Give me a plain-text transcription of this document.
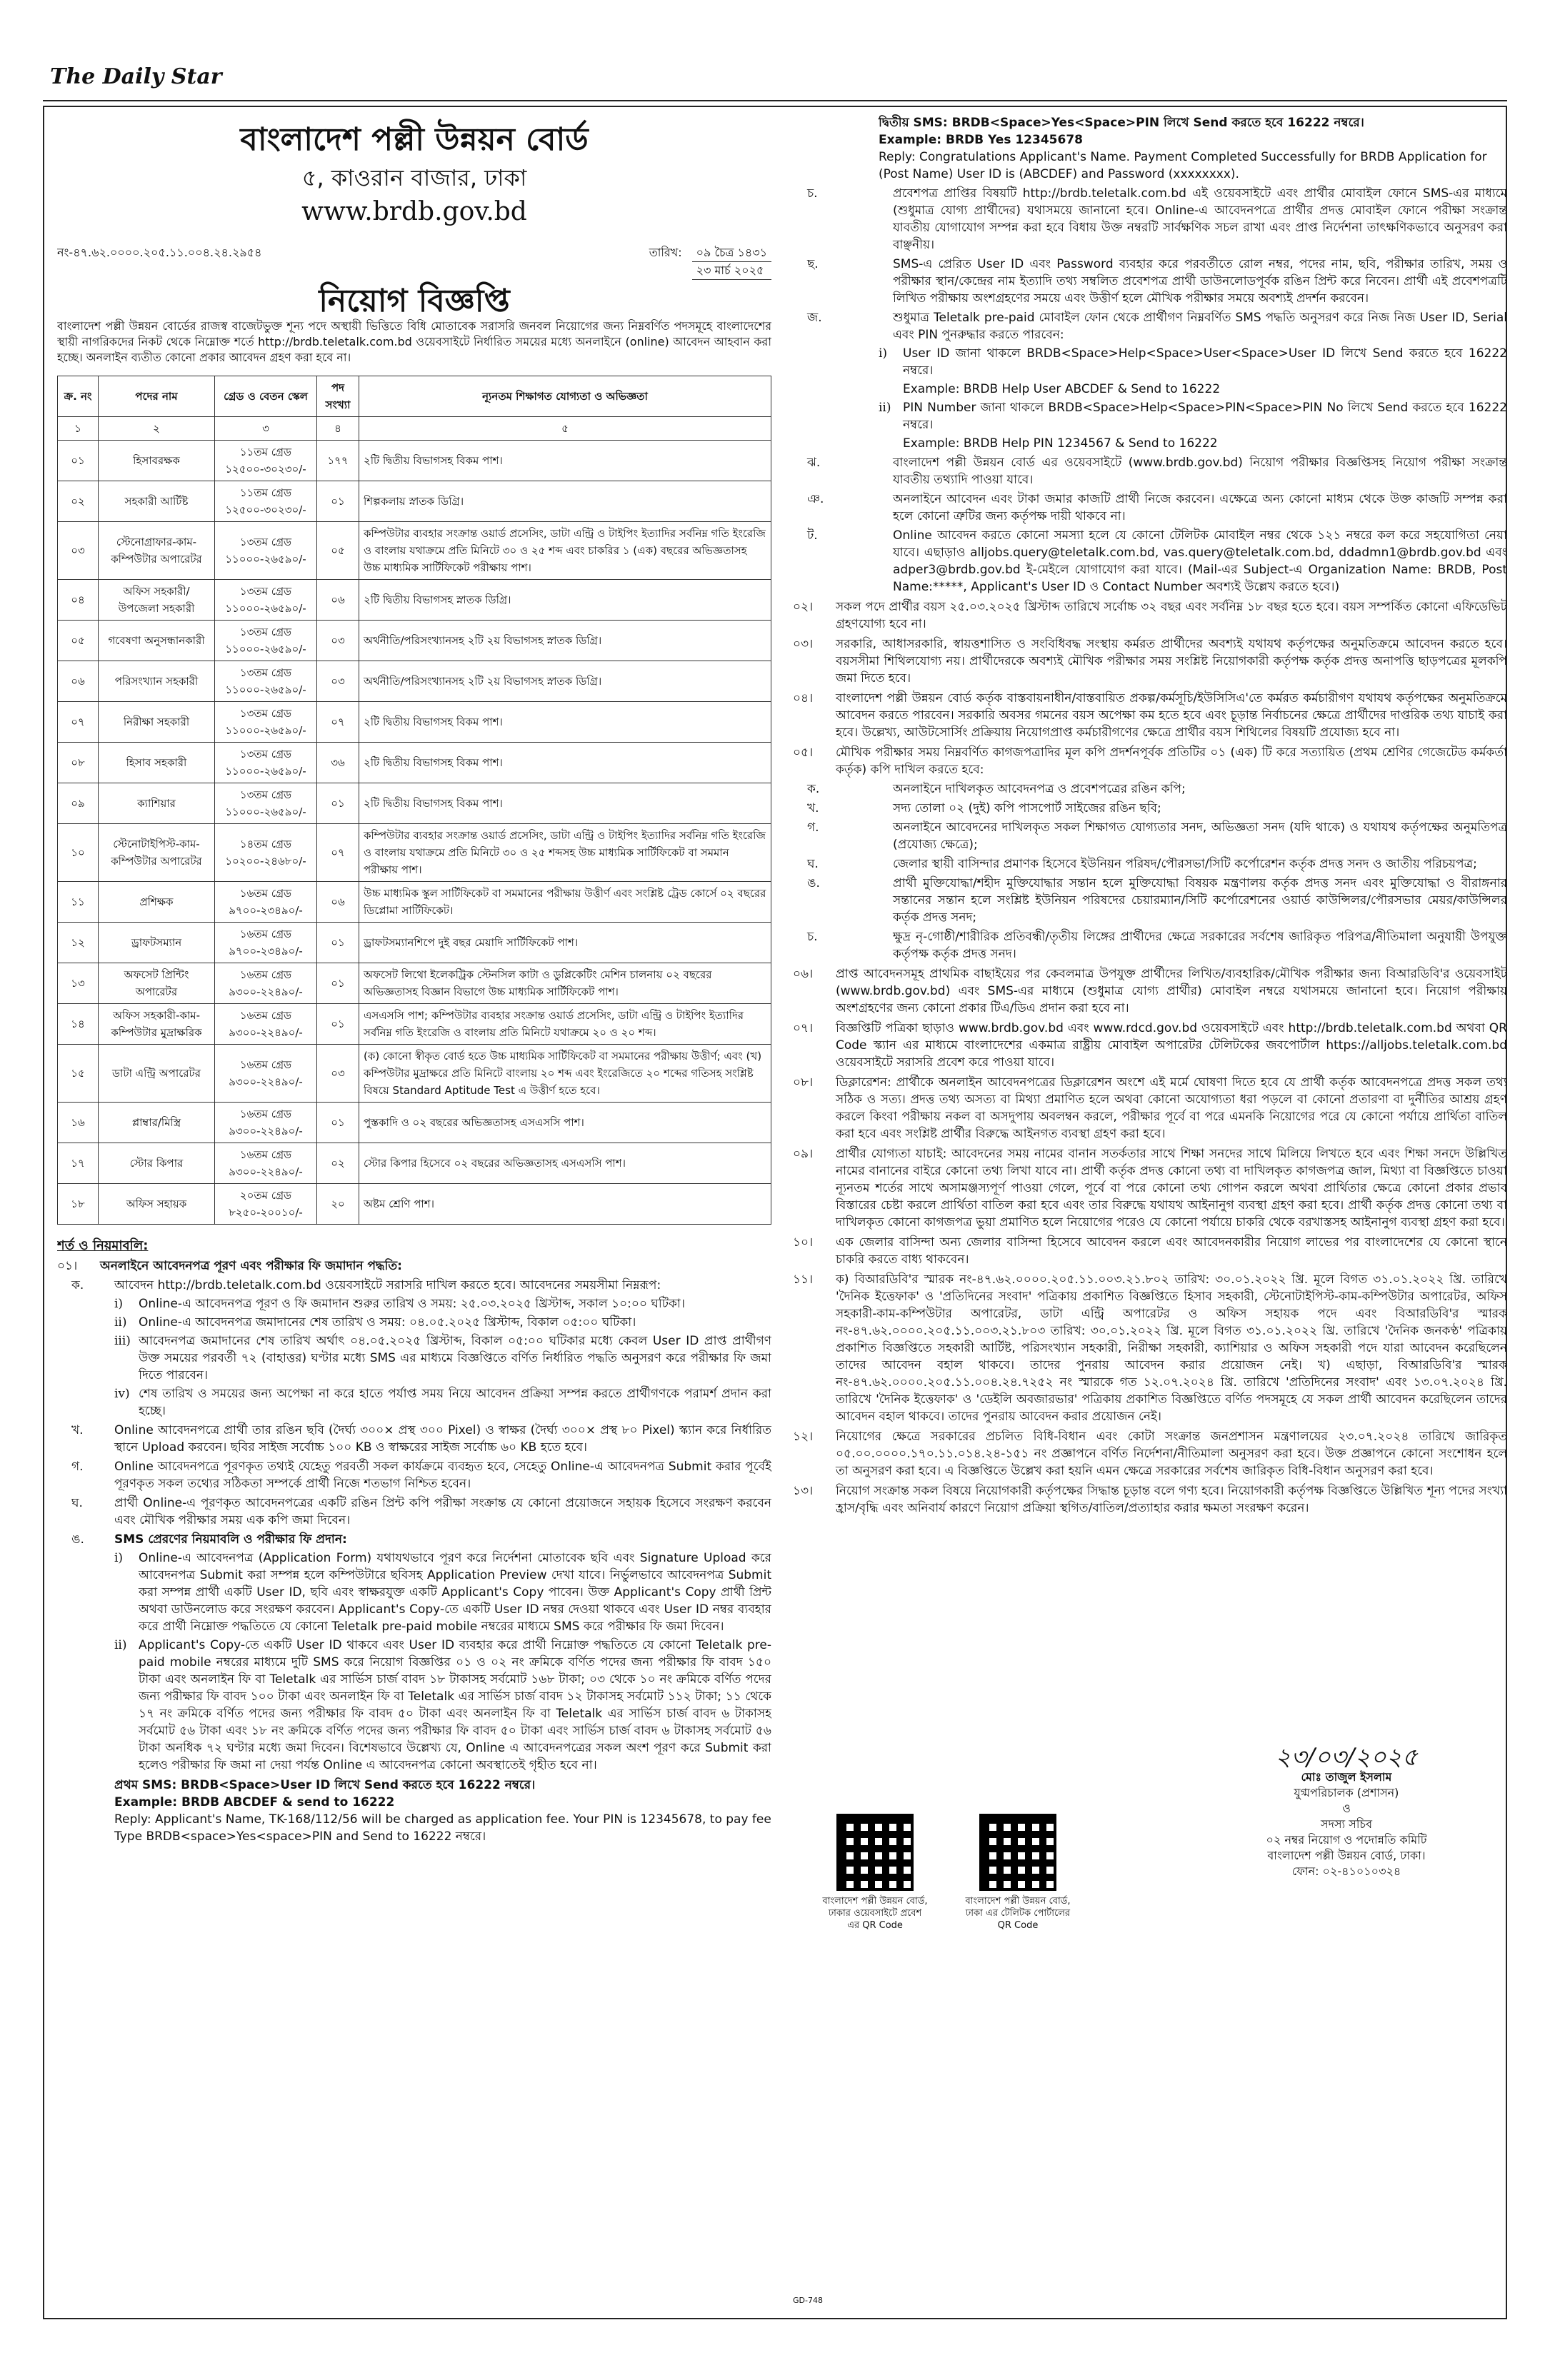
The Daily Star
বাংলাদেশ পল্লী উন্নয়ন বোর্ড
৫, কাওরান বাজার, ঢাকা
www.brdb.gov.bd
নং-৪৭.৬২.০০০০.২০৫.১১.০০৪.২৪.২৯৫৪	তারিখ:	০৯ চৈত্র ১৪৩১
২৩ মার্চ ২০২৫
নিয়োগ বিজ্ঞপ্তি
বাংলাদেশ পল্লী উন্নয়ন বোর্ডের রাজস্ব বাজেটভুক্ত শূন্য পদে অস্থায়ী ভিত্তিতে বিধি মোতাবেক সরাসরি জনবল নিয়োগের জন্য নিম্নবর্ণিত পদসমূহে বাংলাদেশের স্থায়ী নাগরিকদের নিকট থেকে নিম্নোক্ত শর্তে http://brdb.teletalk.com.bd ওয়েবসাইটে নির্ধারিত সময়ের মধ্যে অনলাইনে (online) আবেদন আহবান করা হচ্ছে। অনলাইন ব্যতীত কোনো প্রকার আবেদন গ্রহণ করা হবে না।
ক্র. নং	পদের নাম	গ্রেড ও বেতন স্কেল	পদ সংখ্যা	ন্যূনতম শিক্ষাগত যোগ্যতা ও অভিজ্ঞতা
১	২	৩	৪	৫
০১	হিসাবরক্ষক	১১তম গ্রেড ১২৫০০-৩০২৩০/-	১৭৭	২টি দ্বিতীয় বিভাগসহ বিকম পাশ।
০২	সহকারী আর্টিষ্ট	১১তম গ্রেড ১২৫০০-৩০২৩০/-	০১	শিল্পকলায় স্নাতক ডিগ্রি।
০৩	স্টেনোগ্রাফার-কাম-কম্পিউটার অপারেটর	১৩তম গ্রেড ১১০০০-২৬৫৯০/-	০৫	কম্পিউটার ব্যবহার সংক্রান্ত ওয়ার্ড প্রসেসিং, ডাটা এন্ট্রি ও টাইপিং ইত্যাদির সর্বনিম্ন গতি ইংরেজি ও বাংলায় যথাক্রমে প্রতি মিনিটে ৩০ ও ২৫ শব্দ এবং চাকরির ১ (এক) বছরের অভিজ্ঞতাসহ উচ্চ মাধ্যমিক সার্টিফিকেট পরীক্ষায় পাশ।
০৪	অফিস সহকারী/ উপজেলা সহকারী	১৩তম গ্রেড ১১০০০-২৬৫৯০/-	০৬	২টি দ্বিতীয় বিভাগসহ স্নাতক ডিগ্রি।
০৫	গবেষণা অনুসন্ধানকারী	১৩তম গ্রেড ১১০০০-২৬৫৯০/-	০৩	অর্থনীতি/পরিসংখ্যানসহ ২টি ২য় বিভাগসহ স্নাতক ডিগ্রি।
০৬	পরিসংখ্যান সহকারী	১৩তম গ্রেড ১১০০০-২৬৫৯০/-	০৩	অর্থনীতি/পরিসংখ্যানসহ ২টি ২য় বিভাগসহ স্নাতক ডিগ্রি।
০৭	নিরীক্ষা সহকারী	১৩তম গ্রেড ১১০০০-২৬৫৯০/-	০৭	২টি দ্বিতীয় বিভাগসহ বিকম পাশ।
০৮	হিসাব সহকারী	১৩তম গ্রেড ১১০০০-২৬৫৯০/-	৩৬	২টি দ্বিতীয় বিভাগসহ বিকম পাশ।
০৯	ক্যাশিয়ার	১৩তম গ্রেড ১১০০০-২৬৫৯০/-	০১	২টি দ্বিতীয় বিভাগসহ বিকম পাশ।
১০	স্টেনোটাইপিস্ট-কাম-কম্পিউটার অপারেটর	১৪তম গ্রেড ১০২০০-২৪৬৮০/-	০৭	কম্পিউটার ব্যবহার সংক্রান্ত ওয়ার্ড প্রসেসিং, ডাটা এন্ট্রি ও টাইপিং ইত্যাদির সর্বনিম্ন গতি ইংরেজি ও বাংলায় যথাক্রমে প্রতি মিনিটে ৩০ ও ২৫ শব্দসহ উচ্চ মাধ্যমিক সার্টিফিকেট বা সমমান পরীক্ষায় পাশ।
১১	প্রশিক্ষক	১৬তম গ্রেড ৯৭০০-২৩৪৯০/-	০৬	উচ্চ মাধ্যমিক স্কুল সার্টিফিকেট বা সমমানের পরীক্ষায় উত্তীর্ণ এবং সংশ্লিষ্ট ট্রেড কোর্সে ০২ বছরের ডিপ্লোমা সার্টিফিকেট।
১২	ড্রাফটসম্যান	১৬তম গ্রেড ৯৭০০-২৩৪৯০/-	০১	ড্রাফটসম্যানশিপে দুই বছর মেয়াদি সার্টিফিকেট পাশ।
১৩	অফসেট প্রিন্টিং অপারেটর	১৬তম গ্রেড ৯৩০০-২২৪৯০/-	০১	অফসেট লিথো ইলেকট্রিক স্টেনসিল কাটা ও ডুপ্লিকেটিং মেশিন চালনায় ০২ বছরের অভিজ্ঞতাসহ বিজ্ঞান বিভাগে উচ্চ মাধ্যমিক সার্টিফিকেট পাশ।
১৪	অফিস সহকারী-কাম-কম্পিউটার মুদ্রাক্ষরিক	১৬তম গ্রেড ৯৩০০-২২৪৯০/-	০১	এসএসসি পাশ; কম্পিউটার ব্যবহার সংক্রান্ত ওয়ার্ড প্রসেসিং, ডাটা এন্ট্রি ও টাইপিং ইত্যাদির সর্বনিম্ন গতি ইংরেজি ও বাংলায় প্রতি মিনিটে যথাক্রমে ২০ ও ২০ শব্দ।
১৫	ডাটা এন্ট্রি অপারেটর	১৬তম গ্রেড ৯৩০০-২২৪৯০/-	০৩	(ক) কোনো স্বীকৃত বোর্ড হতে উচ্চ মাধ্যমিক সার্টিফিকেট বা সমমানের পরীক্ষায় উত্তীর্ণ; এবং (খ) কম্পিউটার মুদ্রাক্ষরে প্রতি মিনিটে বাংলায় ২০ শব্দ এবং ইংরেজিতে ২০ শব্দের গতিসহ সংশ্লিষ্ট বিষয়ে Standard Aptitude Test এ উত্তীর্ণ হতে হবে।
১৬	প্লাম্বার/মিস্ত্রি	১৬তম গ্রেড ৯৩০০-২২৪৯০/-	০১	পুস্তকাদি ও ০২ বছরের অভিজ্ঞতাসহ এসএসসি পাশ।
১৭	স্টোর কিপার	১৬তম গ্রেড ৯৩০০-২২৪৯০/-	০২	স্টোর কিপার হিসেবে ০২ বছরের অভিজ্ঞতাসহ এসএসসি পাশ।
১৮	অফিস সহায়ক	২০তম গ্রেড ৮২৫০-২০০১০/-	২০	অষ্টম শ্রেণি পাশ।
শর্ত ও নিয়মাবলি:
০১।	অনলাইনে আবেদনপত্র পূরণ এবং পরীক্ষার ফি জমাদান পদ্ধতি:
ক.	আবেদন http://brdb.teletalk.com.bd ওয়েবসাইটে সরাসরি দাখিল করতে হবে। আবেদনের সময়সীমা নিম্নরূপ:
i)	Online-এ আবেদনপত্র পূরণ ও ফি জমাদান শুরুর তারিখ ও সময়: ২৫.০৩.২০২৫ খ্রিস্টাব্দ, সকাল ১০:০০ ঘটিকা।
ii) Online-এ আবেদনপত্র জমাদানের শেষ তারিখ ও সময়: ০৪.০৫.২০২৫ খ্রিস্টাব্দ, বিকাল ০৫:০০ ঘটিকা।
iii) আবেদনপত্র জমাদানের শেষ তারিখ অর্থাৎ ০৪.০৫.২০২৫ খ্রিস্টাব্দ, বিকাল ০৫:০০ ঘটিকার মধ্যে কেবল User ID প্রাপ্ত প্রার্থীগণ উক্ত সময়ের পরবর্তী ৭২ (বাহাত্তর) ঘণ্টার মধ্যে SMS এর মাধ্যমে বিজ্ঞপ্তিতে বর্ণিত নির্ধারিত পদ্ধতি অনুসরণ করে পরীক্ষার ফি জমা দিতে পারবেন।
iv) শেষ তারিখ ও সময়ের জন্য অপেক্ষা না করে হাতে পর্যাপ্ত সময় নিয়ে আবেদন প্রক্রিয়া সম্পন্ন করতে প্রার্থীগণকে পরামর্শ প্রদান করা হচ্ছে।
খ.	Online আবেদনপত্রে প্রার্থী তার রঙিন ছবি (দৈর্ঘ্য ৩০০× প্রস্থ ৩০০ Pixel) ও স্বাক্ষর (দৈর্ঘ্য ৩০০× প্রস্থ ৮০ Pixel) স্ক্যান করে নির্ধারিত স্থানে Upload করবেন। ছবির সাইজ সর্বোচ্চ ১০০ KB ও স্বাক্ষরের সাইজ সর্বোচ্চ ৬০ KB হতে হবে।
গ.	Online আবেদনপত্রে পূরণকৃত তথ্যই যেহেতু পরবর্তী সকল কার্যক্রমে ব্যবহৃত হবে, সেহেতু Online-এ আবেদনপত্র Submit করার পূর্বেই পূরণকৃত সকল তথ্যের সঠিকতা সম্পর্কে প্রার্থী নিজে শতভাগ নিশ্চিত হবেন।
ঘ.	প্রার্থী Online-এ পূরণকৃত আবেদনপত্রের একটি রঙিন প্রিন্ট কপি পরীক্ষা সংক্রান্ত যে কোনো প্রয়োজনে সহায়ক হিসেবে সংরক্ষণ করবেন এবং মৌখিক পরীক্ষার সময় এক কপি জমা দিবেন।
ঙ.	SMS প্রেরণের নিয়মাবলি ও পরীক্ষার ফি প্রদান:
i)	Online-এ আবেদনপত্র (Application Form) যথাযথভাবে পূরণ করে নির্দেশনা মোতাবেক ছবি এবং Signature Upload করে আবেদনপত্র Submit করা সম্পন্ন হলে কম্পিউটারে ছবিসহ Application Preview দেখা যাবে। নির্ভুলভাবে আবেদনপত্র Submit করা সম্পন্ন প্রার্থী একটি User ID, ছবি এবং স্বাক্ষরযুক্ত একটি Applicant's Copy পাবেন। উক্ত Applicant's Copy প্রার্থী প্রিন্ট অথবা ডাউনলোড করে সংরক্ষণ করবেন। Applicant's Copy-তে একটি User ID নম্বর দেওয়া থাকবে এবং User ID নম্বর ব্যবহার করে প্রার্থী নিম্নোক্ত পদ্ধতিতে যে কোনো Teletalk pre-paid mobile নম্বরের মাধ্যমে SMS করে পরীক্ষার ফি জমা দিবেন।
ii) Applicant's Copy-তে একটি User ID থাকবে এবং User ID ব্যবহার করে প্রার্থী নিম্নোক্ত পদ্ধতিতে যে কোনো Teletalk pre-paid mobile নম্বরের মাধ্যমে দুটি SMS করে নিয়োগ বিজ্ঞপ্তির ০১ ও ০২ নং ক্রমিকে বর্ণিত পদের জন্য পরীক্ষার ফি বাবদ ১৫০ টাকা এবং অনলাইন ফি বা Teletalk এর সার্ভিস চার্জ বাবদ ১৮ টাকাসহ সর্বমোট ১৬৮ টাকা; ০৩ থেকে ১০ নং ক্রমিকে বর্ণিত পদের জন্য পরীক্ষার ফি বাবদ ১০০ টাকা এবং অনলাইন ফি বা Teletalk এর সার্ভিস চার্জ বাবদ ১২ টাকাসহ সর্বমোট ১১২ টাকা; ১১ থেকে ১৭ নং ক্রমিকে বর্ণিত পদের জন্য পরীক্ষার ফি বাবদ ৫০ টাকা এবং অনলাইন ফি বা Teletalk এর সার্ভিস চার্জ বাবদ ৬ টাকাসহ সর্বমোট ৫৬ টাকা এবং ১৮ নং ক্রমিকে বর্ণিত পদের জন্য পরীক্ষার ফি বাবদ ৫০ টাকা এবং সার্ভিস চার্জ বাবদ ৬ টাকাসহ সর্বমোট ৫৬ টাকা অনধিক ৭২ ঘণ্টার মধ্যে জমা দিবেন। বিশেষভাবে উল্লেখ্য যে, Online এ আবেদনপত্রের সকল অংশ পূরণ করে Submit করা হলেও পরীক্ষার ফি জমা না দেয়া পর্যন্ত Online এ আবেদনপত্র কোনো অবস্থাতেই গৃহীত হবে না।
প্রথম SMS: BRDB<Space>User ID লিখে Send করতে হবে 16222 নম্বরে।
Example: BRDB ABCDEF & send to 16222
Reply: Applicant's Name, TK-168/112/56 will be charged as application fee. Your PIN is 12345678, to pay fee Type BRDB<space>Yes<space>PIN and Send to 16222 নম্বরে।
দ্বিতীয় SMS: BRDB<Space>Yes<Space>PIN লিখে Send করতে হবে 16222 নম্বরে।
Example: BRDB Yes 12345678
Reply: Congratulations Applicant's Name. Payment Completed Successfully for BRDB Application for (Post Name) User ID is (ABCDEF) and Password (xxxxxxxx).
চ.	প্রবেশপত্র প্রাপ্তির বিষয়টি http://brdb.teletalk.com.bd এই ওয়েবসাইটে এবং প্রার্থীর মোবাইল ফোনে SMS-এর মাধ্যমে (শুধুমাত্র যোগ্য প্রার্থীদের) যথাসময়ে জানানো হবে। Online-এ আবেদনপত্রে প্রার্থীর প্রদত্ত মোবাইল ফোনে পরীক্ষা সংক্রান্ত যাবতীয় যোগাযোগ সম্পন্ন করা হবে বিধায় উক্ত নম্বরটি সার্বক্ষণিক সচল রাখা এবং প্রাপ্ত নির্দেশনা তাৎক্ষণিকভাবে অনুসরণ করা বাঞ্ছনীয়।
ছ.	SMS-এ প্রেরিত User ID এবং Password ব্যবহার করে পরবর্তীতে রোল নম্বর, পদের নাম, ছবি, পরীক্ষার তারিখ, সময় ও পরীক্ষার স্থান/কেন্দ্রের নাম ইত্যাদি তথ্য সম্বলিত প্রবেশপত্র প্রার্থী ডাউনলোডপূর্বক রঙিন প্রিন্ট করে নিবেন। প্রার্থী এই প্রবেশপত্রটি লিখিত পরীক্ষায় অংশগ্রহণের সময়ে এবং উত্তীর্ণ হলে মৌখিক পরীক্ষার সময়ে অবশ্যই প্রদর্শন করবেন।
জ.	শুধুমাত্র Teletalk pre-paid মোবাইল ফোন থেকে প্রার্থীগণ নিম্নবর্ণিত SMS পদ্ধতি অনুসরণ করে নিজ নিজ User ID, Serial এবং PIN পুনরুদ্ধার করতে পারবেন:
i)	User ID জানা থাকলে BRDB<Space>Help<Space>User<Space>User ID লিখে Send করতে হবে 16222 নম্বরে।
Example: BRDB Help User ABCDEF & Send to 16222
ii) PIN Number জানা থাকলে BRDB<Space>Help<Space>PIN<Space>PIN No লিখে Send করতে হবে 16222 নম্বরে।
Example: BRDB Help PIN 1234567 & Send to 16222
ঝ.	বাংলাদেশ পল্লী উন্নয়ন বোর্ড এর ওয়েবসাইটে (www.brdb.gov.bd) নিয়োগ পরীক্ষার বিজ্ঞপ্তিসহ নিয়োগ পরীক্ষা সংক্রান্ত যাবতীয় তথ্যাদি পাওয়া যাবে।
ঞ.	অনলাইনে আবেদন এবং টাকা জমার কাজটি প্রার্থী নিজে করবেন। এক্ষেত্রে অন্য কোনো মাধ্যম থেকে উক্ত কাজটি সম্পন্ন করা হলে কোনো ত্রুটির জন্য কর্তৃপক্ষ দায়ী থাকবে না।
ট.	Online আবেদন করতে কোনো সমস্যা হলে যে কোনো টেলিটক মোবাইল নম্বর থেকে ১২১ নম্বরে কল করে সহযোগিতা নেয়া যাবে। এছাড়াও alljobs.query@teletalk.com.bd, vas.query@teletalk.com.bd, ddadmn1@brdb.gov.bd এবং adper3@brdb.gov.bd ই-মেইলে যোগাযোগ করা যাবে। (Mail-এর Subject-এ Organization Name: BRDB, Post Name:*****, Applicant's User ID ও Contact Number অবশ্যই উল্লেখ করতে হবে।)
০২।	সকল পদে প্রার্থীর বয়স ২৫.০৩.২০২৫ খ্রিস্টাব্দ তারিখে সর্বোচ্চ ৩২ বছর এবং সর্বনিম্ন ১৮ বছর হতে হবে। বয়স সম্পর্কিত কোনো এফিডেভিট গ্রহণযোগ্য হবে না।
০৩।	সরকারি, আধাসরকারি, স্বায়ত্তশাসিত ও সংবিধিবদ্ধ সংস্থায় কর্মরত প্রার্থীদের অবশ্যই যথাযথ কর্তৃপক্ষের অনুমতিক্রমে আবেদন করতে হবে। বয়সসীমা শিথিলযোগ্য নয়। প্রার্থীদেরকে অবশ্যই মৌখিক পরীক্ষার সময় সংশ্লিষ্ট নিয়োগকারী কর্তৃপক্ষ কর্তৃক প্রদত্ত অনাপত্তি ছাড়পত্রের মূলকপি জমা দিতে হবে।
০৪।	বাংলাদেশ পল্লী উন্নয়ন বোর্ড কর্তৃক বাস্তবায়নাধীন/বাস্তবায়িত প্রকল্প/কর্মসূচি/ইউসিসিএ'তে কর্মরত কর্মচারীগণ যথাযথ কর্তৃপক্ষের অনুমতিক্রমে আবেদন করতে পারবেন। সরকারি অবসর গমনের বয়স অপেক্ষা কম হতে হবে এবং চূড়ান্ত নির্বাচনের ক্ষেত্রে প্রার্থীদের দাপ্তরিক তথ্য যাচাই করা হবে। উল্লেখ্য, আউটসোর্সিং প্রক্রিয়ায় নিয়োগপ্রাপ্ত কর্মচারীগণের ক্ষেত্রে প্রার্থীর বয়স শিথিলের বিষয়টি প্রযোজ্য হবে না।
০৫।	মৌখিক পরীক্ষার সময় নিম্নবর্ণিত কাগজপত্রাদির মূল কপি প্রদর্শনপূর্বক প্রতিটির ০১ (এক) টি করে সত্যায়িত (প্রথম শ্রেণির গেজেটেড কর্মকর্তা কর্তৃক) কপি দাখিল করতে হবে:
ক.	অনলাইনে দাখিলকৃত আবেদনপত্র ও প্রবেশপত্রের রঙিন কপি;
খ.	সদ্য তোলা ০২ (দুই) কপি পাসপোর্ট সাইজের রঙিন ছবি;
গ.	অনলাইনে আবেদনের দাখিলকৃত সকল শিক্ষাগত যোগ্যতার সনদ, অভিজ্ঞতা সনদ (যদি থাকে) ও যথাযথ কর্তৃপক্ষের অনুমতিপত্র (প্রযোজ্য ক্ষেত্রে);
ঘ.	জেলার স্থায়ী বাসিন্দার প্রমাণক হিসেবে ইউনিয়ন পরিষদ/পৌরসভা/সিটি কর্পোরেশন কর্তৃক প্রদত্ত সনদ ও জাতীয় পরিচয়পত্র;
ঙ.	প্রার্থী মুক্তিযোদ্ধা/শহীদ মুক্তিযোদ্ধার সন্তান হলে মুক্তিযোদ্ধা বিষয়ক মন্ত্রণালয় কর্তৃক প্রদত্ত সনদ এবং মুক্তিযোদ্ধা ও বীরাঙ্গনার সন্তানের সন্তান হলে সংশ্লিষ্ট ইউনিয়ন পরিষদের চেয়ারম্যান/সিটি কর্পোরেশনের ওয়ার্ড কাউন্সিলর/পৌরসভার মেয়র/কাউন্সিলর কর্তৃক প্রদত্ত সনদ;
চ.	ক্ষুদ্র নৃ-গোষ্ঠী/শারীরিক প্রতিবন্ধী/তৃতীয় লিঙ্গের প্রার্থীদের ক্ষেত্রে সরকারের সর্বশেষ জারিকৃত পরিপত্র/নীতিমালা অনুযায়ী উপযুক্ত কর্তৃপক্ষ কর্তৃক প্রদত্ত সনদ।
০৬।	প্রাপ্ত আবেদনসমূহ প্রাথমিক বাছাইয়ের পর কেবলমাত্র উপযুক্ত প্রার্থীদের লিখিত/ব্যবহারিক/মৌখিক পরীক্ষার জন্য বিআরডিবি'র ওয়েবসাইট (www.brdb.gov.bd) এবং SMS-এর মাধ্যমে (শুধুমাত্র যোগ্য প্রার্থীর) মোবাইল নম্বরে যথাসময়ে জানানো হবে। নিয়োগ পরীক্ষায় অংশগ্রহণের জন্য কোনো প্রকার টিএ/ডিএ প্রদান করা হবে না।
০৭।	বিজ্ঞপ্তিটি পত্রিকা ছাড়াও www.brdb.gov.bd এবং www.rdcd.gov.bd ওয়েবসাইটে এবং http://brdb.teletalk.com.bd অথবা QR Code স্ক্যান এর মাধ্যমে বাংলাদেশের একমাত্র রাষ্ট্রীয় মোবাইল অপারেটর টেলিটকের জবপোর্টাল https://alljobs.teletalk.com.bd ওয়েবসাইটে সরাসরি প্রবেশ করে পাওয়া যাবে।
০৮।	ডিক্লারেশন: প্রার্থীকে অনলাইন আবেদনপত্রের ডিক্লারেশন অংশে এই মর্মে ঘোষণা দিতে হবে যে প্রার্থী কর্তৃক আবেদনপত্রে প্রদত্ত সকল তথ্য সঠিক ও সত্য। প্রদত্ত তথ্য অসত্য বা মিথ্যা প্রমাণিত হলে অথবা কোনো অযোগ্যতা ধরা পড়লে বা কোনো প্রতারণা বা দুর্নীতির আশ্রয় গ্রহণ করলে কিংবা পরীক্ষায় নকল বা অসদুপায় অবলম্বন করলে, পরীক্ষার পূর্বে বা পরে এমনকি নিয়োগের পরে যে কোনো পর্যায়ে প্রার্থিতা বাতিল করা হবে এবং সংশ্লিষ্ট প্রার্থীর বিরুদ্ধে আইনগত ব্যবস্থা গ্রহণ করা হবে।
০৯।	প্রার্থীর যোগ্যতা যাচাই: আবেদনের সময় নামের বানান সতর্কতার সাথে শিক্ষা সনদের সাথে মিলিয়ে লিখতে হবে এবং শিক্ষা সনদে উল্লিখিত নামের বানানের বাইরে কোনো তথ্য লিখা যাবে না। প্রার্থী কর্তৃক প্রদত্ত কোনো তথ্য বা দাখিলকৃত কাগজপত্র জাল, মিথ্যা বা বিজ্ঞপ্তিতে চাওয়া ন্যূনতম শর্তের সাথে অসামঞ্জস্যপূর্ণ পাওয়া গেলে, পূর্বে বা পরে কোনো তথ্য গোপন করলে অথবা প্রার্থিতার ক্ষেত্রে কোনো প্রকার প্রভাব বিস্তারের চেষ্টা করলে প্রার্থিতা বাতিল করা হবে এবং তার বিরুদ্ধে যথাযথ আইনানুগ ব্যবস্থা গ্রহণ করা হবে। প্রার্থী কর্তৃক প্রদত্ত কোনো তথ্য বা দাখিলকৃত কোনো কাগজপত্র ভুয়া প্রমাণিত হলে নিয়োগের পরেও যে কোনো পর্যায়ে চাকরি থেকে বরখাস্তসহ আইনানুগ ব্যবস্থা গ্রহণ করা হবে।
১০।	এক জেলার বাসিন্দা অন্য জেলার বাসিন্দা হিসেবে আবেদন করলে এবং আবেদনকারীর নিয়োগ লাভের পর বাংলাদেশের যে কোনো স্থানে চাকরি করতে বাধ্য থাকবেন।
১১।	ক) বিআরডিবি'র স্মারক নং-৪৭.৬২.০০০০.২০৫.১১.০০৩.২১.৮০২ তারিখ: ৩০.০১.২০২২ খ্রি. মূলে বিগত ৩১.০১.২০২২ খ্রি. তারিখে 'দৈনিক ইত্তেফাক' ও 'প্রতিদিনের সংবাদ' পত্রিকায় প্রকাশিত বিজ্ঞপ্তিতে হিসাব সহকারী, স্টেনোটাইপিস্ট-কাম-কম্পিউটার অপারেটর, অফিস সহকারী-কাম-কম্পিউটার অপারেটর, ডাটা এন্ট্রি অপারেটর ও অফিস সহায়ক পদে এবং বিআরডিবি'র স্মারক নং-৪৭.৬২.০০০০.২০৫.১১.০০৩.২১.৮০৩ তারিখ: ৩০.০১.২০২২ খ্রি. মূলে বিগত ৩১.০১.২০২২ খ্রি. তারিখে 'দৈনিক জনকণ্ঠ' পত্রিকায় প্রকাশিত বিজ্ঞপ্তিতে সহকারী আর্টিষ্ট, পরিসংখ্যান সহকারী, নিরীক্ষা সহকারী, ক্যাশিয়ার ও অফিস সহকারী পদে যারা আবেদন করেছিলেন তাদের আবেদন বহাল থাকবে। তাদের পুনরায় আবেদন করার প্রয়োজন নেই। খ) এছাড়া, বিআরডিবি'র স্মারক নং-৪৭.৬২.০০০০.২০৫.১১.০০৪.২৪.৭২৫২ নং স্মারকে গত ১২.০৭.২০২৪ খ্রি. তারিখে 'প্রতিদিনের সংবাদ' এবং ১৩.০৭.২০২৪ খ্রি. তারিখে 'দৈনিক ইত্তেফাক' ও 'ডেইলি অবজারভার' পত্রিকায় প্রকাশিত বিজ্ঞপ্তিতে বর্ণিত পদসমূহে যে সকল প্রার্থী আবেদন করেছিলেন তাদের আবেদন বহাল থাকবে। তাদের পুনরায় আবেদন করার প্রয়োজন নেই।
১২।	নিয়োগের ক্ষেত্রে সরকারের প্রচলিত বিধি-বিধান এবং কোটা সংক্রান্ত জনপ্রশাসন মন্ত্রণালয়ের ২৩.০৭.২০২৪ তারিখে জারিকৃত ০৫.০০.০০০০.১৭০.১১.০১৪.২৪-১৫১ নং প্রজ্ঞাপনে বর্ণিত নির্দেশনা/নীতিমালা অনুসরণ করা হবে। উক্ত প্রজ্ঞাপনে কোনো সংশোধন হলে তা অনুসরণ করা হবে। এ বিজ্ঞপ্তিতে উল্লেখ করা হয়নি এমন ক্ষেত্রে সরকারের সর্বশেষ জারিকৃত বিধি-বিধান অনুসরণ করা হবে।
১৩।	নিয়োগ সংক্রান্ত সকল বিষয়ে নিয়োগকারী কর্তৃপক্ষের সিদ্ধান্ত চূড়ান্ত বলে গণ্য হবে। নিয়োগকারী কর্তৃপক্ষ বিজ্ঞপ্তিতে উল্লিখিত শূন্য পদের সংখ্যা হ্রাস/বৃদ্ধি এবং অনিবার্য কারণে নিয়োগ প্রক্রিয়া স্থগিত/বাতিল/প্রত্যাহার করার ক্ষমতা সংরক্ষণ করেন।
বাংলাদেশ পল্লী উন্নয়ন বোর্ড, ঢাকার ওয়েবসাইটে প্রবেশ এর QR Code
বাংলাদেশ পল্লী উন্নয়ন বোর্ড, ঢাকা এর টেলিটক পোর্টালের QR Code
২৩/০৩/২০২৫
মোঃ তাজুল ইসলাম
যুগ্মপরিচালক (প্রশাসন)
ও
সদস্য সচিব
০২ নম্বর নিয়োগ ও পদোন্নতি কমিটি
বাংলাদেশ পল্লী উন্নয়ন বোর্ড, ঢাকা।
ফোন: ০২-৪১০১০৩২৪
GD-748
